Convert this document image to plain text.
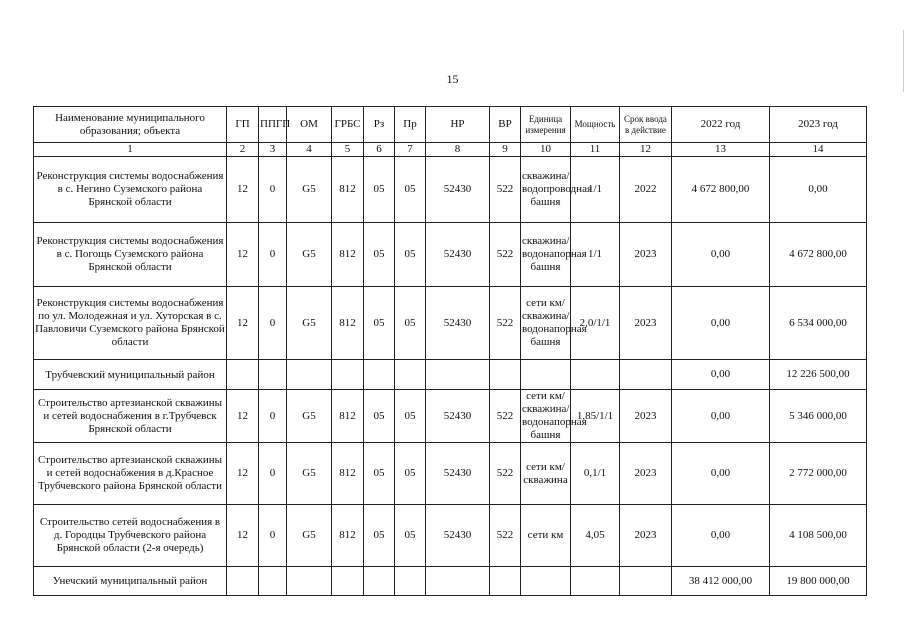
15
Наименование муниципального образования; объекта	ГП	ППГП	ОМ	ГРБС	Рз	Пр	НР	ВР	Единица измерения	Мощность	Срок ввода в действие	2022 год	2023 год
1	2	3	4	5	6	7	8	9	10	11	12	13	14
Реконструкция системы водоснабжения в с. Негино Суземского района Брянской области	12	0	G5	812	05	05	52430	522	скважина/водопроводная башня	1/1	2022	4 672 800,00	0,00
Реконструкция системы водоснабжения в с. Погощь Суземского района Брянской области	12	0	G5	812	05	05	52430	522	скважина/водонапорная башня	1/1	2023	0,00	4 672 800,00
Реконструкция системы водоснабжения по ул. Молодежная и ул. Хуторская в с. Павловичи Суземского района Брянской области	12	0	G5	812	05	05	52430	522	сети км/скважина/водонапорная башня	2,0/1/1	2023	0,00	6 534 000,00
Трубчевский муниципальный район												0,00	12 226 500,00
Строительство артезианской скважины и сетей водоснабжения в г.Трубчевск Брянской области	12	0	G5	812	05	05	52430	522	сети км/скважина/водонапорная башня	1,85/1/1	2023	0,00	5 346 000,00
Строительство артезианской скважины и сетей водоснабжения в д.Красное Трубчевского района Брянской области	12	0	G5	812	05	05	52430	522	сети км/скважина	0,1/1	2023	0,00	2 772 000,00
Строительство сетей водоснабжения в д. Городцы Трубчевского района Брянской области (2-я очередь)	12	0	G5	812	05	05	52430	522	сети км	4,05	2023	0,00	4 108 500,00
Унечский муниципальный район												38 412 000,00	19 800 000,00
